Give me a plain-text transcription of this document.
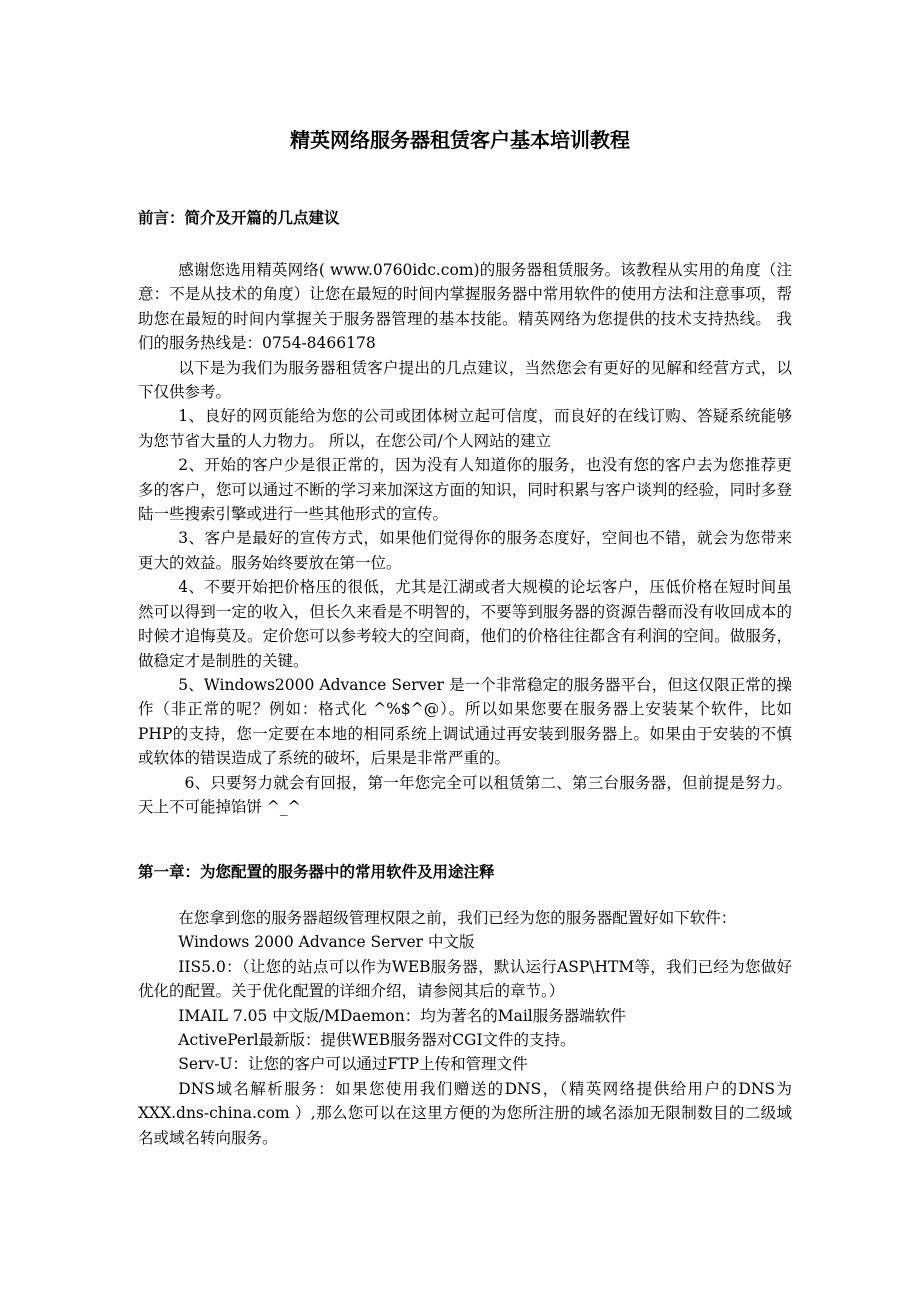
精英网络服务器租赁客户基本培训教程
前言：简介及开篇的几点建议

感谢您选用精英网络( www.0760idc.com)的服务器租赁服务。该教程从实用的角度（注意：不是从技术的角度）让您在最短的时间内掌握服务器中常用软件的使用方法和注意事项，帮助您在最短的时间内掌握关于服务器管理的基本技能。精英网络为您提供的技术支持热线。 我们的服务热线是：0754-8466178

以下是为我们为服务器租赁客户提出的几点建议，当然您会有更好的见解和经营方式，以下仅供参考。

1、良好的网页能给为您的公司或团体树立起可信度，而良好的在线订购、答疑系统能够为您节省大量的人力物力。 所以，在您公司/个人网站的建立

2、开始的客户少是很正常的，因为没有人知道你的服务，也没有您的客户去为您推荐更多的客户，您可以通过不断的学习来加深这方面的知识，同时积累与客户谈判的经验，同时多登陆一些搜索引擎或进行一些其他形式的宣传。

3、客户是最好的宣传方式，如果他们觉得你的服务态度好，空间也不错，就会为您带来更大的效益。服务始终要放在第一位。

4、不要开始把价格压的很低，尤其是江湖或者大规模的论坛客户，压低价格在短时间虽然可以得到一定的收入，但长久来看是不明智的，不要等到服务器的资源告罄而没有收回成本的时候才追悔莫及。定价您可以参考较大的空间商，他们的价格往往都含有利润的空间。做服务，做稳定才是制胜的关键。

5、Windows2000 Advance Server 是一个非常稳定的服务器平台，但这仅限正常的操作（非正常的呢？例如：格式化 ^%$^@）。所以如果您要在服务器上安装某个软件，比如PHP的支持，您一定要在本地的相同系统上调试通过再安装到服务器上。如果由于安装的不慎或软体的错误造成了系统的破坏，后果是非常严重的。

6、只要努力就会有回报，第一年您完全可以租赁第二、第三台服务器，但前提是努力。天上不可能掉馅饼 ^_^

第一章：为您配置的服务器中的常用软件及用途注释

在您拿到您的服务器超级管理权限之前，我们已经为您的服务器配置好如下软件：

Windows 2000 Advance Server 中文版

IIS5.0：（让您的站点可以作为WEB服务器，默认运行ASP\HTM等，我们已经为您做好优化的配置。关于优化配置的详细介绍，请参阅其后的章节。）

IMAIL 7.05 中文版/MDaemon：均为著名的Mail服务器端软件

ActivePerl最新版：提供WEB服务器对CGI文件的支持。

Serv-U：让您的客户可以通过FTP上传和管理文件

DNS域名解析服务：如果您使用我们赠送的DNS，（精英网络提供给用户的DNS为XXX.dns-china.com ）,那么您可以在这里方便的为您所注册的域名添加无限制数目的二级域名或域名转向服务。
